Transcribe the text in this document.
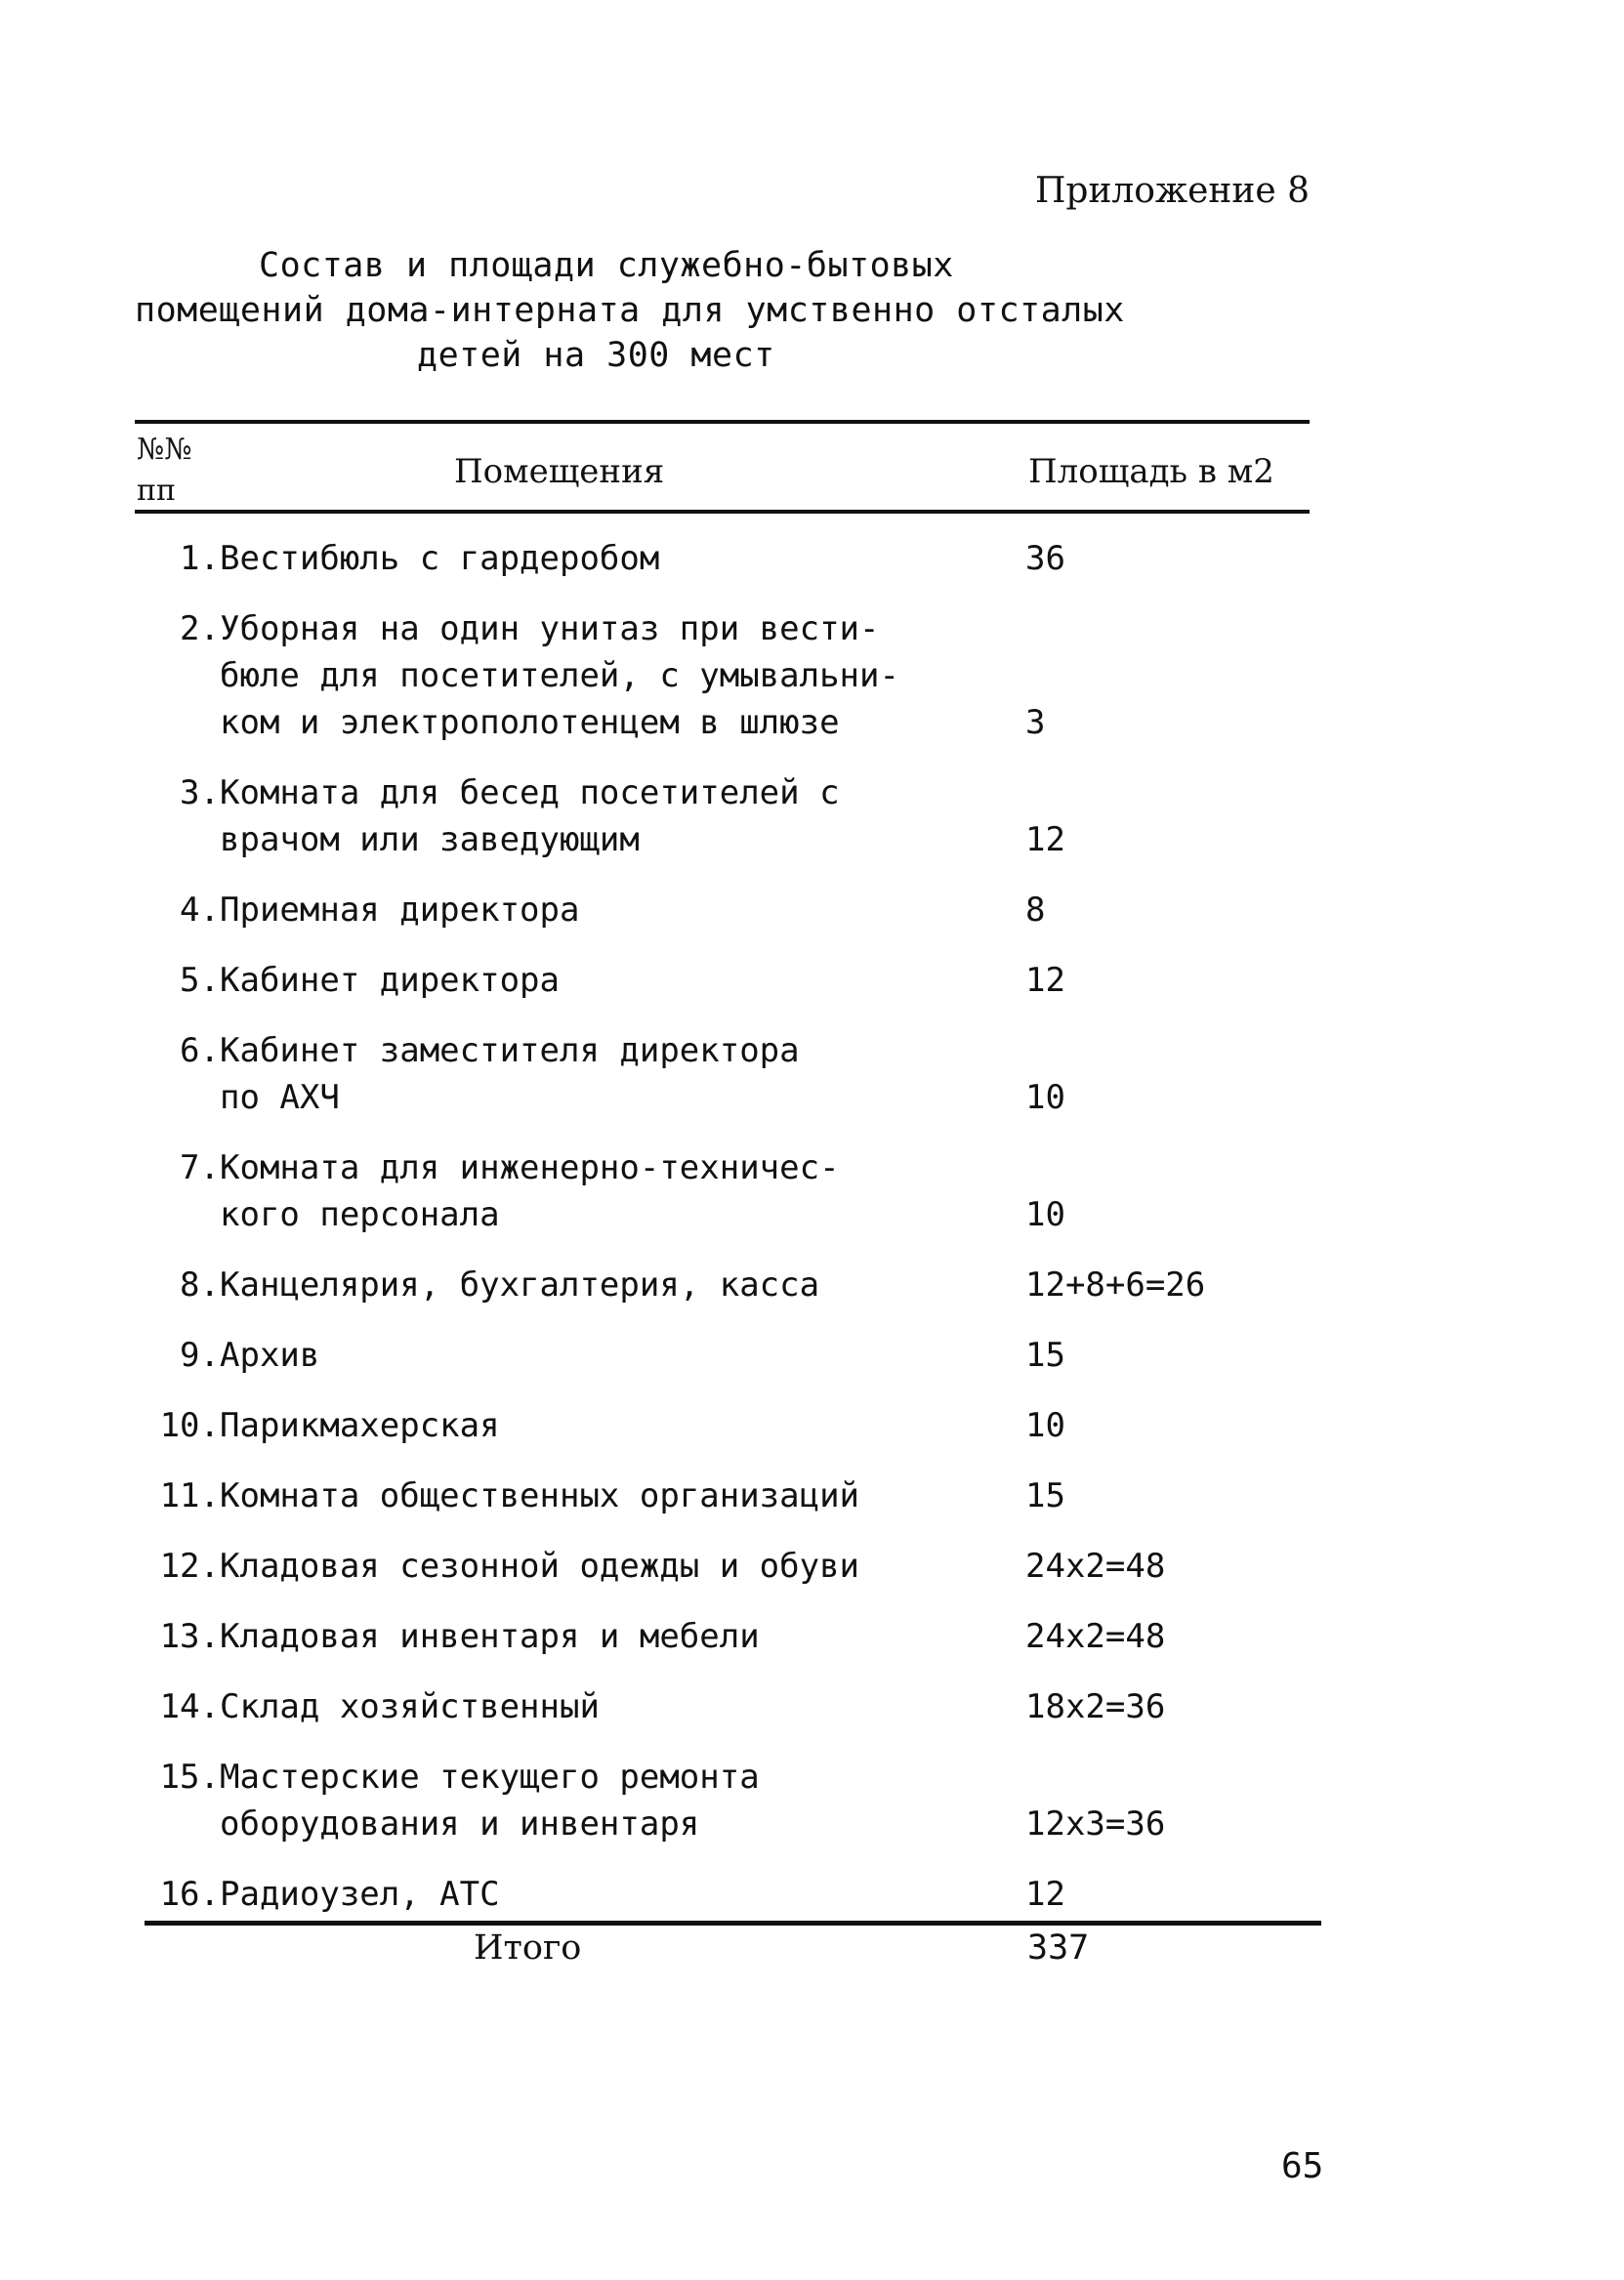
Приложение 8
Состав и площади служебно-бытовых
помещений дома-интерната для умственно отсталых
детей на 300 мест
№№
пп	Помещения	Площадь в м2
1. Вестибюль с гардеробом	36
2. Уборная на один унитаз при вести-
бюле для посетителей, с умывальни-
ком и электрополотенцем в шлюзе	3
3. Комната для бесед посетителей с
врачом или заведующим	12
4. Приемная директора	8
5. Кабинет директора	12
6. Кабинет заместителя директора
по АХЧ	10
7. Комната для инженерно-техничес-
кого персонала	10
8. Канцелярия, бухгалтерия, касса	12+8+6=26
9. Архив	15
10. Парикмахерская	10
11. Комната общественных организаций	15
12. Кладовая сезонной одежды и обуви	24x2=48
13. Кладовая инвентаря и мебели	24x2=48
14. Склад хозяйственный	18x2=36
15. Мастерские текущего ремонта
оборудования и инвентаря	12x3=36
16. Радиоузел, АТС	12
Итого	337
65
